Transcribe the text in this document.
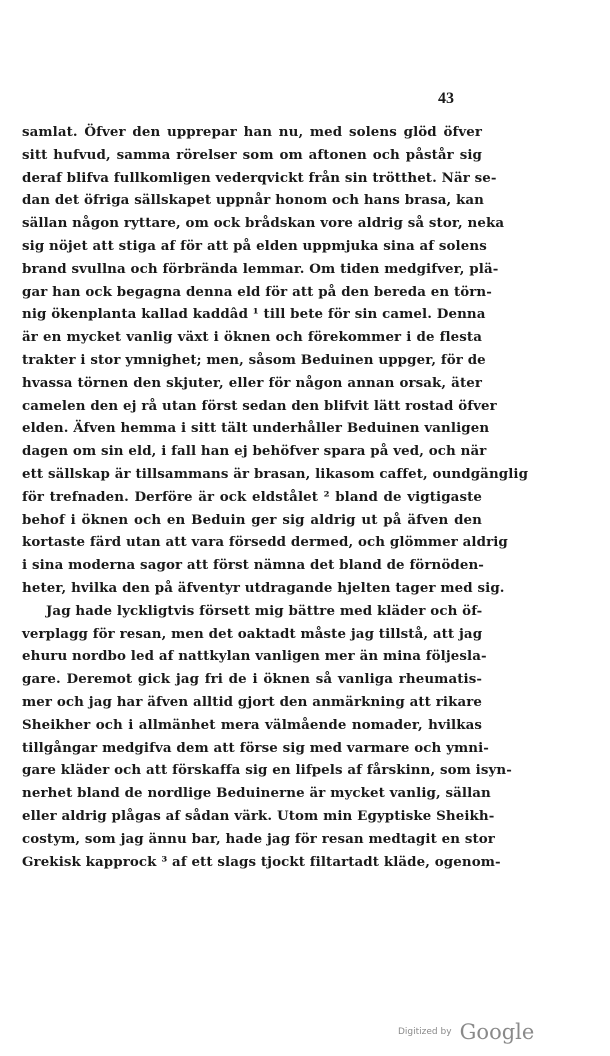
43
samlat. Öfver den upprepar han nu, med solens glöd öfver
sitt hufvud, samma rörelser som om aftonen och påstår sig
deraf blifva fullkomligen vederqvickt från sin trötthet. När se-
dan det öfriga sällskapet uppnår honom och hans brasa, kan
sällan någon ryttare, om ock brådskan vore aldrig så stor, neka
sig nöjet att stiga af för att på elden uppmjuka sina af solens
brand svullna och förbrända lemmar. Om tiden medgifver, plä-
gar han ock begagna denna eld för att på den bereda en törn-
nig ökenplanta kallad kaddâd ¹ till bete för sin camel. Denna
är en mycket vanlig växt i öknen och förekommer i de flesta
trakter i stor ymnighet; men, såsom Beduinen uppger, för de
hvassa törnen den skjuter, eller för någon annan orsak, äter
camelen den ej rå utan först sedan den blifvit lätt rostad öfver
elden. Äfven hemma i sitt tält underhåller Beduinen vanligen
dagen om sin eld, i fall han ej behöfver spara på ved, och när
ett sällskap är tillsammans är brasan, likasom caffet, oundgänglig
för trefnaden. Derföre är ock eldstålet ² bland de vigtigaste
behof i öknen och en Beduin ger sig aldrig ut på äfven den
kortaste färd utan att vara försedd dermed, och glömmer aldrig
i sina moderna sagor att först nämna det bland de förnöden-
heter, hvilka den på äfventyr utdragande hjelten tager med sig.
Jag hade lyckligtvis försett mig bättre med kläder och öf-
verplagg för resan, men det oaktadt måste jag tillstå, att jag
ehuru nordbo led af nattkylan vanligen mer än mina följesla-
gare. Deremot gick jag fri de i öknen så vanliga rheumatis-
mer och jag har äfven alltid gjort den anmärkning att rikare
Sheikher och i allmänhet mera välmående nomader, hvilkas
tillgångar medgifva dem att förse sig med varmare och ymni-
gare kläder och att förskaffa sig en lifpels af fårskinn, som isyn-
nerhet bland de nordlige Beduinerne är mycket vanlig, sällan
eller aldrig plågas af sådan värk. Utom min Egyptiske Sheikh-
costym, som jag ännu bar, hade jag för resan medtagit en stor
Grekisk kapprock ³ af ett slags tjockt filtartadt kläde, ogenom-
Digitized by Google
